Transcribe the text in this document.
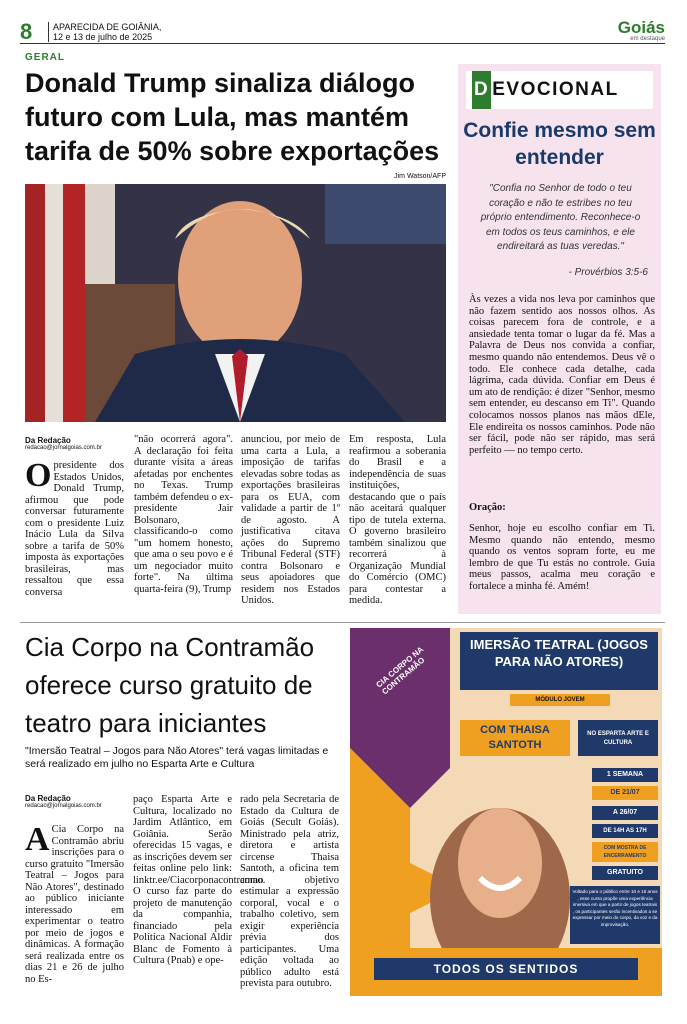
8 APARECIDA DE GOIÂNIA,
12 e 13 de julho de 2025	Goiás
em destaque
GERAL
Donald Trump sinaliza diálogo futuro com Lula, mas mantém tarifa de 50% sobre exportações
Jim Watson/AFP
Da Redação
redacao@jornalgoias.com.br
Opresidente dos Estados Unidos, Donald Trump, afirmou que pode conversar futuramente com o presidente Luiz Inácio Lula da Silva sobre a tarifa de 50% imposta às exportações brasileiras, mas ressaltou que essa conversa
"não ocorrerá agora". A declaração foi feita durante visita a áreas afetadas por enchentes no Texas. Trump também defendeu o ex-presidente Jair Bolsonaro, classificando-o como "um homem honesto, que ama o seu povo e é um negociador muito forte". Na última quarta-feira (9), Trump
anunciou, por meio de uma carta a Lula, a imposição de tarifas elevadas sobre todas as exportações brasileiras para os EUA, com validade a partir de 1º de agosto. A justificativa citava ações do Supremo Tribunal Federal (STF) contra Bolsonaro e seus apoiadores que residem nos Estados Unidos.
Em resposta, Lula reafirmou a soberania do Brasil e a independência de suas instituições, destacando que o país não aceitará qualquer tipo de tutela externa. O governo brasileiro também sinalizou que recorrerá à Organização Mundial do Comércio (OMC) para contestar a medida.
D EVOCIONAL
Confie mesmo sem entender
"Confia no Senhor de todo o teu coração e não te estribes no teu próprio entendimento. Reconhece-o em todos os teus caminhos, e ele endireitará as tuas veredas."
- Provérbios 3:5-6
Às vezes a vida nos leva por caminhos que não fazem sentido aos nossos olhos. As coisas parecem fora de controle, e a ansiedade tenta tomar o lugar da fé. Mas a Palavra de Deus nos convida a confiar, mesmo quando não entendemos. Deus vê o todo. Ele conhece cada detalhe, cada lágrima, cada dúvida. Confiar em Deus é um ato de rendição: é dizer "Senhor, mesmo sem entender, eu descanso em Ti". Quando colocamos nossos planos nas mãos dEle, Ele endireita os nossos caminhos. Pode não ser fácil, pode não ser rápido, mas será perfeito — no tempo certo.
Oração:
Senhor, hoje eu escolho confiar em Ti. Mesmo quando não entendo, mesmo quando os ventos sopram forte, eu me lembro de que Tu estás no controle. Guia meus passos, acalma meu coração e fortalece a minha fé. Amém!
Cia Corpo na Contramão oferece curso gratuito de teatro para iniciantes
"Imersão Teatral – Jogos para Não Atores" terá vagas limitadas e será realizado em julho no Esparta Arte e Cultura
Da Redação
redacao@jornalgoias.com.br
A Cia Corpo na Contramão abriu inscrições para o curso gratuito "Imersão Teatral – Jogos para Não Atores", destinado ao público iniciante interessado em experimentar o teatro por meio de jogos e dinâmicas. A formação será realizada entre os dias 21 e 26 de julho no Es-
paço Esparta Arte e Cultura, localizado no Jardim Atlântico, em Goiânia. Serão oferecidas 15 vagas, e as inscrições devem ser feitas online pelo link: linktr.ee/Ciacorponacontramao. O curso faz parte do projeto de manutenção da companhia, financiado pela Política Nacional Aldir Blanc de Fomento à Cultura (Pnab) e ope-
rado pela Secretaria de Estado da Cultura de Goiás (Secult Goiás). Ministrado pela atriz, diretora e artista circense Thaisa Santoth, a oficina tem como objetivo estimular a expressão corporal, vocal e o trabalho coletivo, sem exigir experiência prévia dos participantes. Uma edição voltada ao público adulto está prevista para outubro.
CIA CORPO NA CONTRAMÃO
IMERSÃO TEATRAL (JOGOS PARA NÃO ATORES)
MÓDULO JOVEM
COM THAISA SANTOTH
NO ESPARTA ARTE E CULTURA
1 SEMANA
DE 21/07
A 26/07
DE 14H AS 17H
COM MOSTRA DE ENCERRAMENTO
GRATUITO
Voltado para o público entre 10 e 16 anos , esse curso propõe uma experiência imersiva em que a partir de jogos teatrais , os participantes serão incentivados a se expressar por meio do corpo, da voz e da improvisação.
TODOS OS SENTIDOS
